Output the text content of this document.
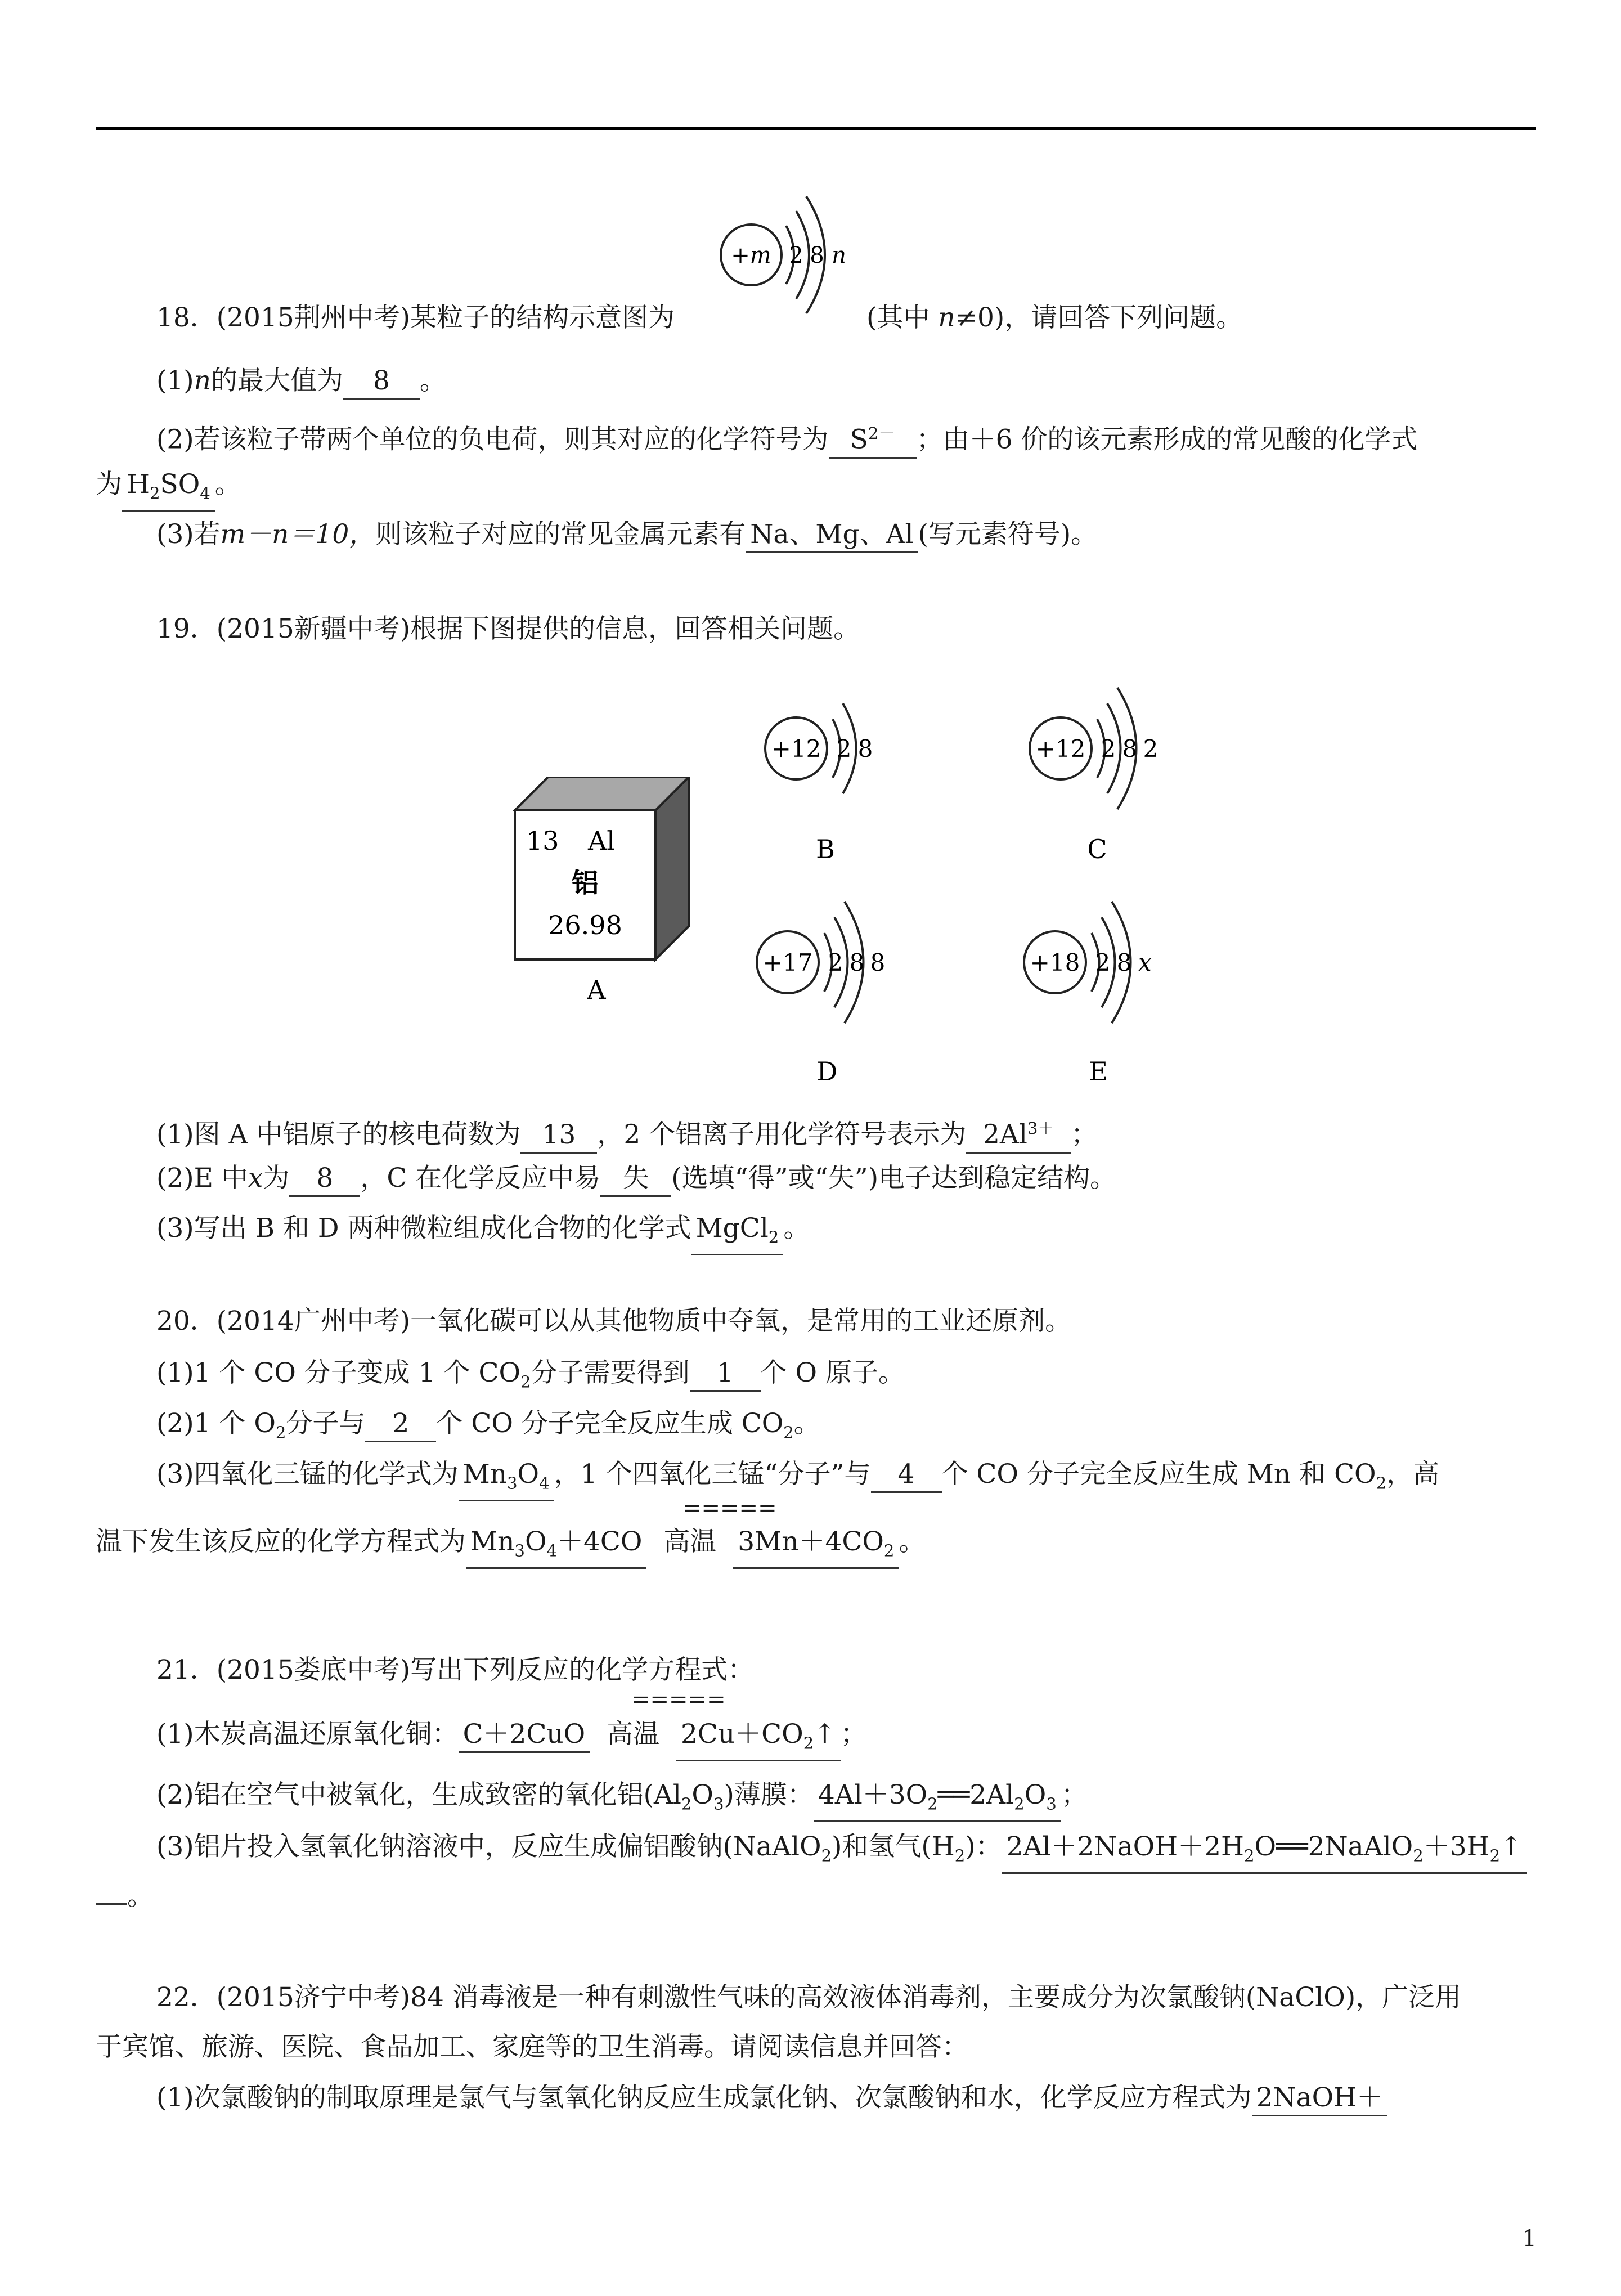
+m 2 8 n
18．(2015荆州中考)某粒子的结构示意图为	(其中 n≠0)，请回答下列问题。
(1)n的最大值为 8 。
(2)若该粒子带两个单位的负电荷，则其对应的化学符号为 $S^{2-}$ ；由＋6 价的该元素形成的常见酸的化学式
为 $H_2SO_4$ 。
(3)若m－n＝10，则该粒子对应的常见金属元素有 Na、Mg、Al (写元素符号)。
19．(2015新疆中考)根据下图提供的信息，回答相关问题。
13 Al
铝
26.98
A
+12 2 8
B
+12 2 8 2
C
+17 2 8 8
D
+18 2 8 x
E
(1)图 A 中铝原子的核电荷数为 13 ，2 个铝离子用化学符号表示为 $2Al^{3+}$ ；
(2)E 中x为 8 ，C 在化学反应中易 失 (选填“得”或“失”)电子达到稳定结构。
(3)写出 B 和 D 两种微粒组成化合物的化学式 MgCl$_2$ 。
20．(2014广州中考)一氧化碳可以从其他物质中夺氧，是常用的工业还原剂。
(1)1 个 CO 分子变成 1 个 $CO_2$分子需要得到 1 个 O 原子。
(2)1 个 $O_2$分子与 2 个 CO 分子完全反应生成 $CO_2$。
(3)四氧化三锰的化学式为 $Mn_3O_4$ ，1 个四氧化三锰“分子”与 4 个 CO 分子完全反应生成 Mn 和 $CO_2$，高
=====
温下发生该反应的化学方程式为 $Mn_3O_4+4CO$ 高温 $3Mn+4CO_2$ 。
21．(2015娄底中考)写出下列反应的化学方程式：
=====
(1)木炭高温还原氧化铜： C＋2CuO 高温 $2Cu+CO_2↑$ ；
(2)铝在空气中被氧化，生成致密的氧化铝$(Al_2O_3)$薄膜： $4Al+3O_2══2Al_2O_3$ ；
(3)铝片投入氢氧化钠溶液中，反应生成偏铝酸钠(NaAlO$_2$)和氢气$(H_2)$： $2Al+2NaOH+2H_2O══2NaAlO_2+3H_2↑$
。
22．(2015济宁中考)84 消毒液是一种有刺激性气味的高效液体消毒剂，主要成分为次氯酸钠(NaClO)，广泛用
于宾馆、旅游、医院、食品加工、家庭等的卫生消毒。请阅读信息并回答：
(1)次氯酸钠的制取原理是氯气与氢氧化钠反应生成氯化钠、次氯酸钠和水，化学反应方程式为 2NaOH＋
1
